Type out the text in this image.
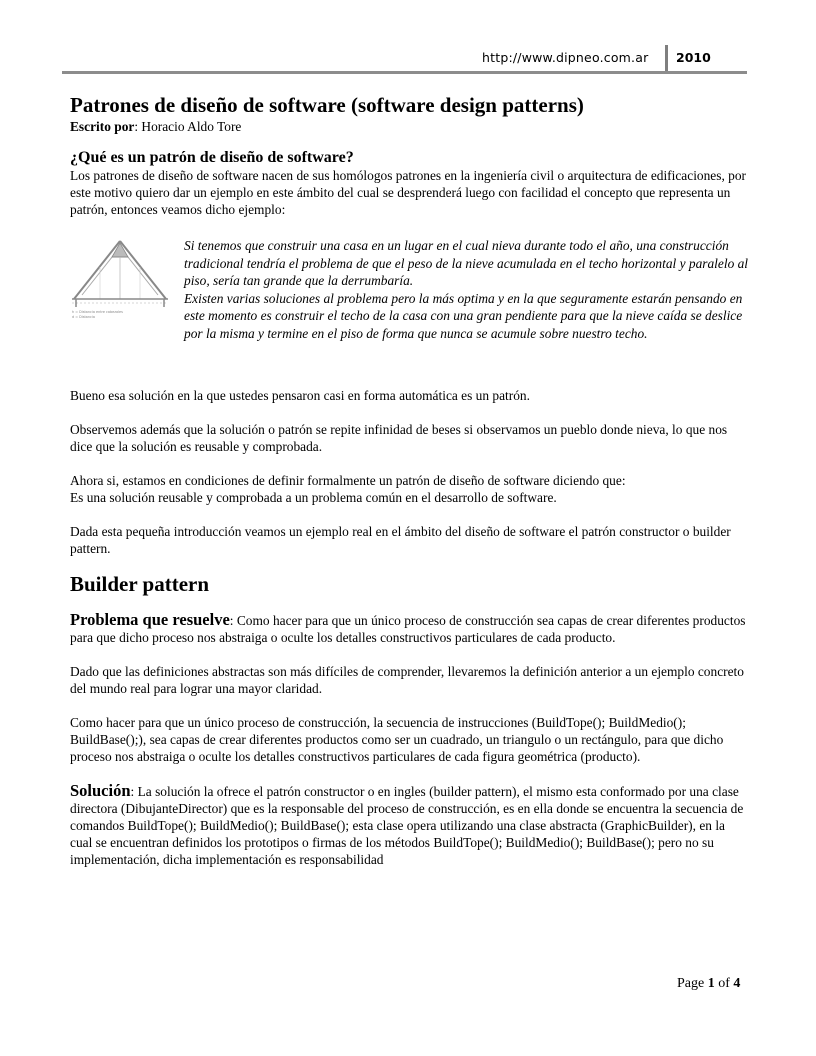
http://www.dipneo.com.ar 2010
Patrones de diseño de software (software design patterns)

Escrito por: Horacio Aldo Tore

¿Qué es un patrón de diseño de software?

Los patrones de diseño de software nacen de sus homólogos patrones en la ingeniería civil o arquitectura de edificaciones, por este motivo quiero dar un ejemplo en este ámbito del cual se desprenderá luego con facilidad el concepto que representa un patrón, entonces veamos dicho ejemplo:

h = Distancia entre cabezales
d = Distancia

Si tenemos que construir una casa en un lugar en el cual nieva durante todo el año, una construcción tradicional tendría el problema de que el peso de la nieve acumulada en el techo horizontal y paralelo al piso, sería tan grande que la derrumbaría.

Existen varias soluciones al problema pero la más optima y en la que seguramente estarán pensando en este momento es construir el techo de la casa con una gran pendiente para que la nieve caída se deslice por la misma y termine en el piso de forma que nunca se acumule sobre nuestro techo.

Bueno esa solución en la que ustedes pensaron casi en forma automática es un patrón.

Observemos además que la solución o patrón se repite infinidad de beses si observamos un pueblo donde nieva, lo que nos dice que la solución es reusable y comprobada.

Ahora si, estamos en condiciones de definir formalmente un patrón de diseño de software diciendo que:

Es una solución reusable y comprobada a un problema común en el desarrollo de software.

Dada esta pequeña introducción veamos un ejemplo real en el ámbito del diseño de software el patrón constructor o builder pattern.

Builder pattern

Problema que resuelve: Como hacer para que un único proceso de construcción sea capas de crear diferentes productos para que dicho proceso nos abstraiga o oculte los detalles constructivos particulares de cada producto.

Dado que las definiciones abstractas son más difíciles de comprender, llevaremos la definición anterior a un ejemplo concreto del mundo real para lograr una mayor claridad.

Como hacer para que un único proceso de construcción, la secuencia de instrucciones (BuildTope(); BuildMedio(); BuildBase();), sea capas de crear diferentes productos como ser un cuadrado, un triangulo o un rectángulo, para que dicho proceso nos abstraiga o oculte los detalles constructivos particulares de cada figura geométrica (producto).

Solución: La solución la ofrece el patrón constructor o en ingles (builder pattern), el mismo esta conformado por una clase directora (DibujanteDirector) que es la responsable del proceso de construcción, es en ella donde se encuentra la secuencia de comandos BuildTope(); BuildMedio(); BuildBase(); esta clase opera utilizando una clase abstracta (GraphicBuilder), en la cual se encuentran definidos los prototipos o firmas de los métodos BuildTope(); BuildMedio(); BuildBase(); pero no su implementación, dicha implementación es responsabilidad

Page 1 of 4
